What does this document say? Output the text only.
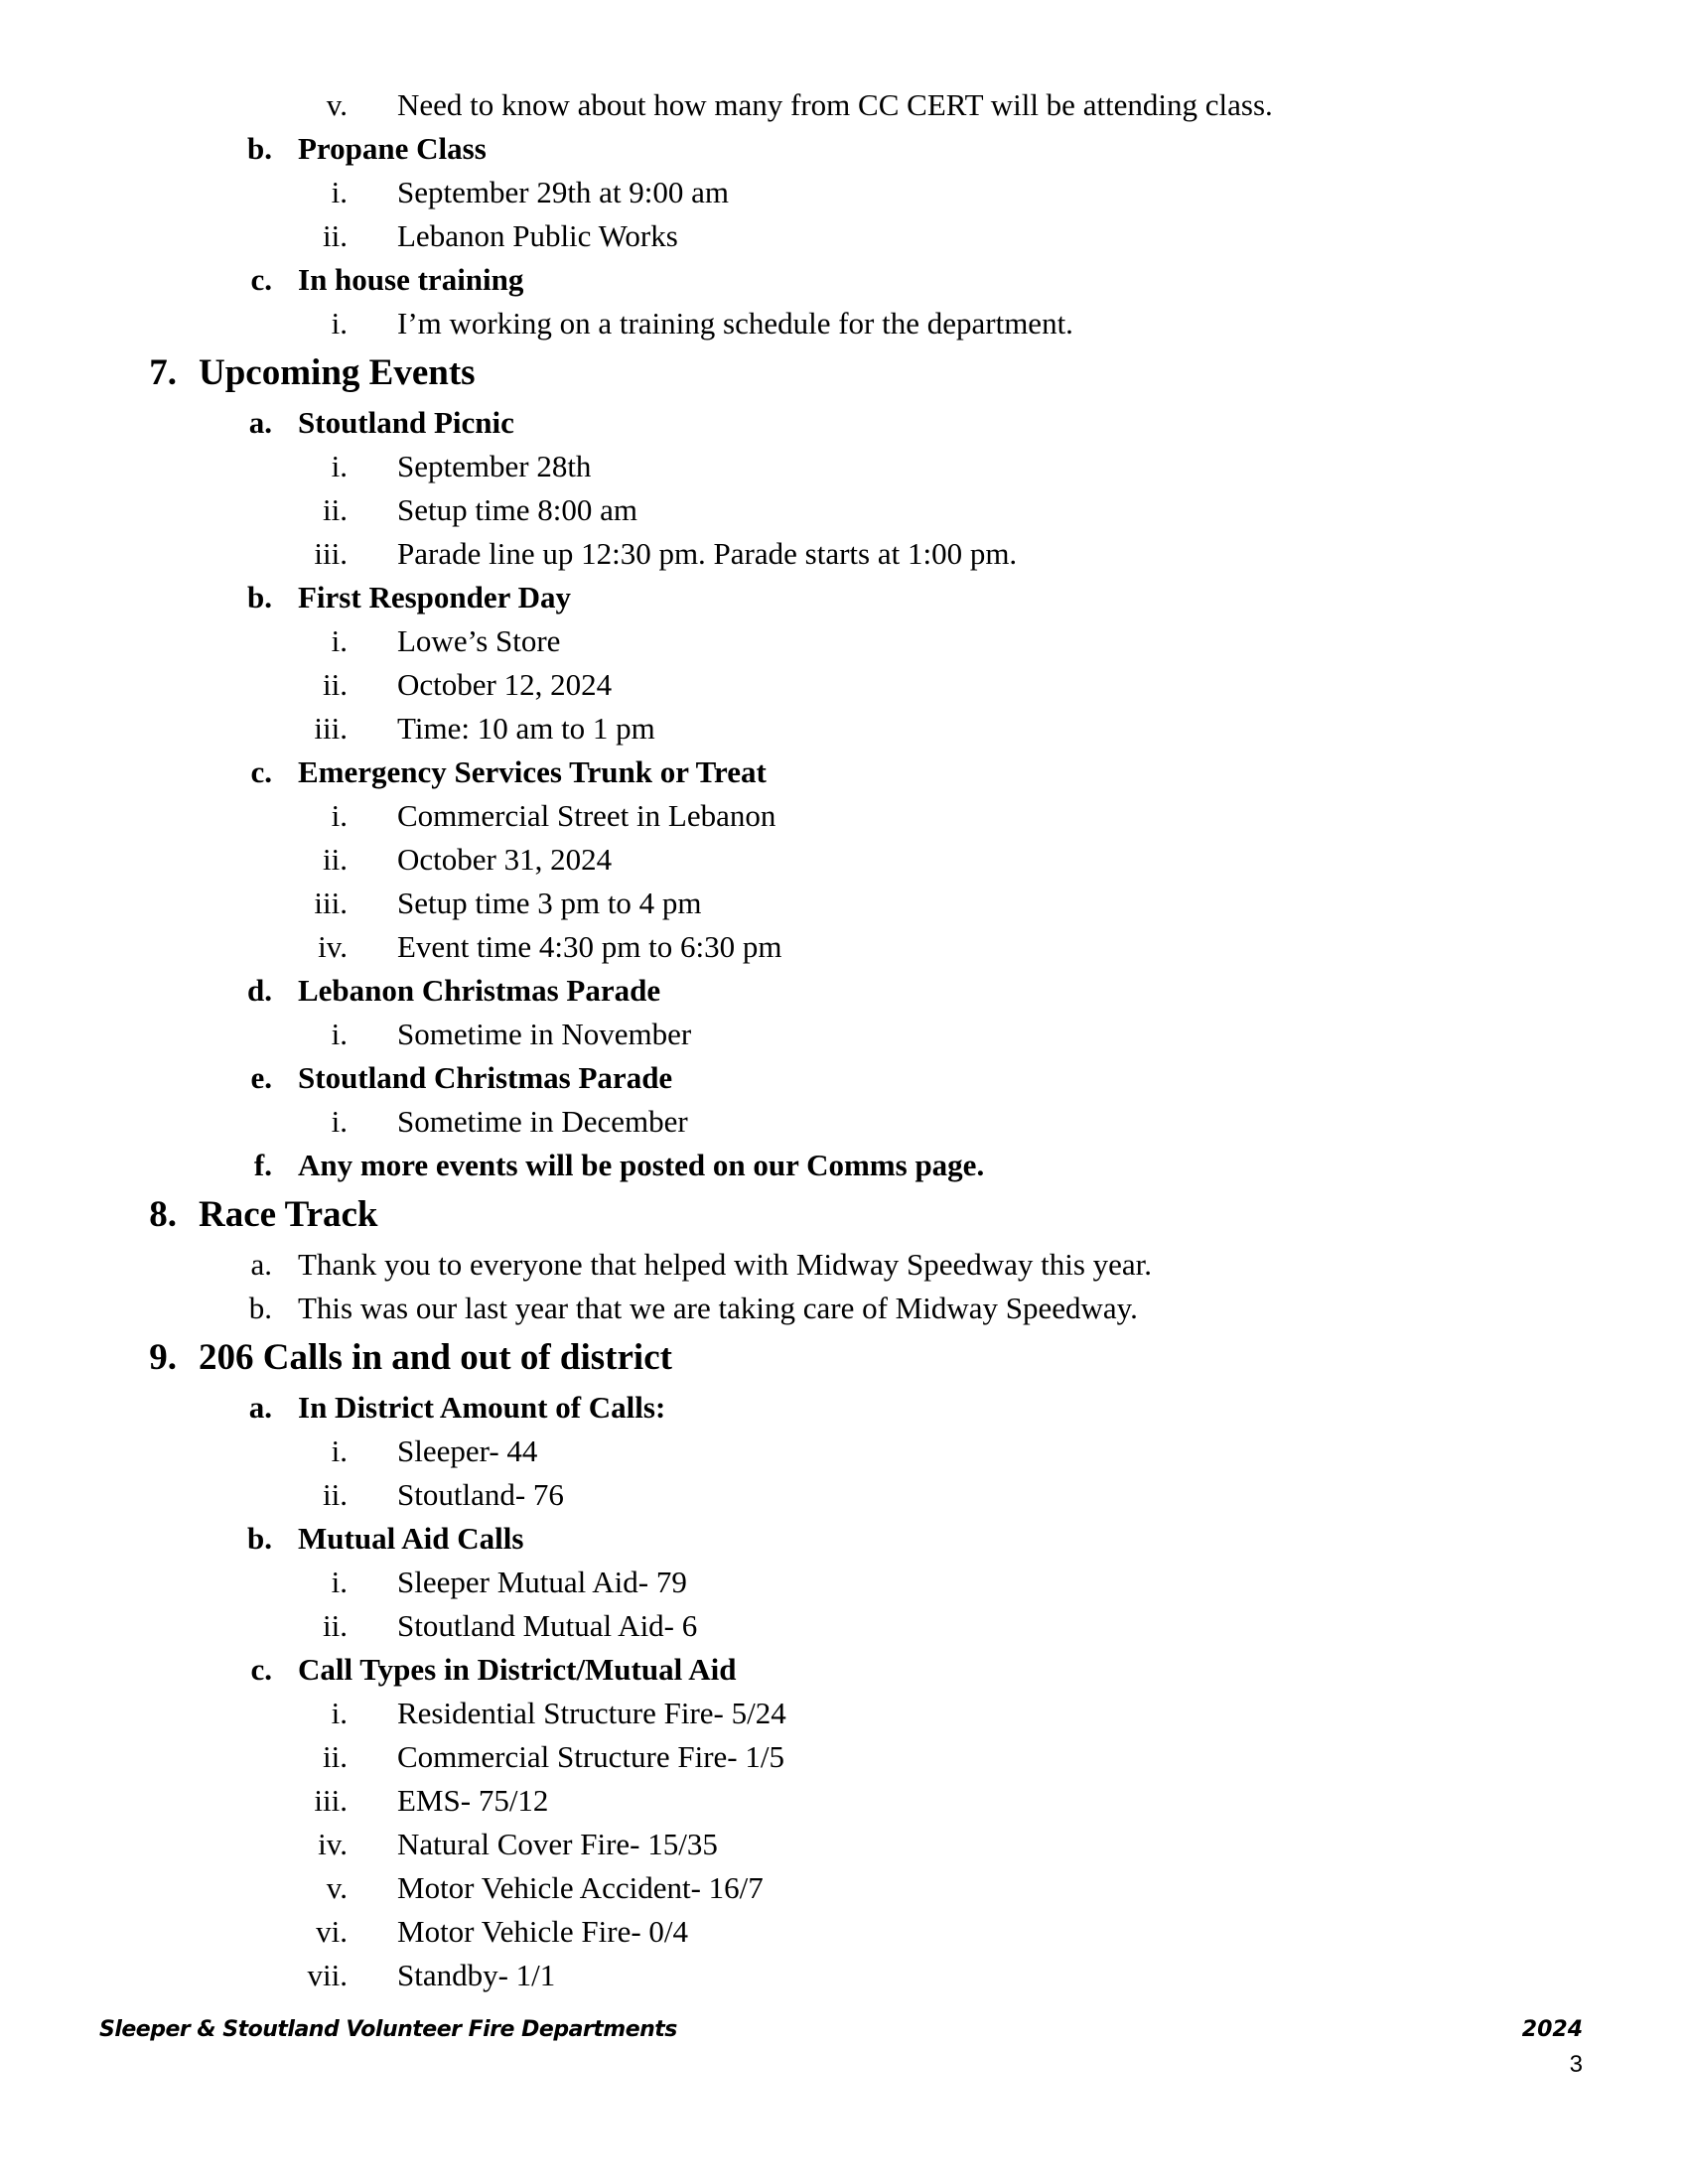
v. Need to know about how many from CC CERT will be attending class.
b. Propane Class
i. September 29th at 9:00 am
ii. Lebanon Public Works
c. In house training
i. I’m working on a training schedule for the department.
7. Upcoming Events
a. Stoutland Picnic
i. September 28th
ii. Setup time 8:00 am
iii. Parade line up 12:30 pm. Parade starts at 1:00 pm.
b. First Responder Day
i. Lowe’s Store
ii. October 12, 2024
iii. Time: 10 am to 1 pm
c. Emergency Services Trunk or Treat
i. Commercial Street in Lebanon
ii. October 31, 2024
iii. Setup time 3 pm to 4 pm
iv. Event time 4:30 pm to 6:30 pm
d. Lebanon Christmas Parade
i. Sometime in November
e. Stoutland Christmas Parade
i. Sometime in December
f. Any more events will be posted on our Comms page.
8. Race Track
a. Thank you to everyone that helped with Midway Speedway this year.
b. This was our last year that we are taking care of Midway Speedway.
9. 206 Calls in and out of district
a. In District Amount of Calls:
i. Sleeper- 44
ii. Stoutland- 76
b. Mutual Aid Calls
i. Sleeper Mutual Aid- 79
ii. Stoutland Mutual Aid- 6
c. Call Types in District/Mutual Aid
i. Residential Structure Fire- 5/24
ii. Commercial Structure Fire- 1/5
iii. EMS- 75/12
iv. Natural Cover Fire- 15/35
v. Motor Vehicle Accident- 16/7
vi. Motor Vehicle Fire- 0/4
vii. Standby- 1/1
Sleeper & Stoutland Volunteer Fire Departments	2024
3
